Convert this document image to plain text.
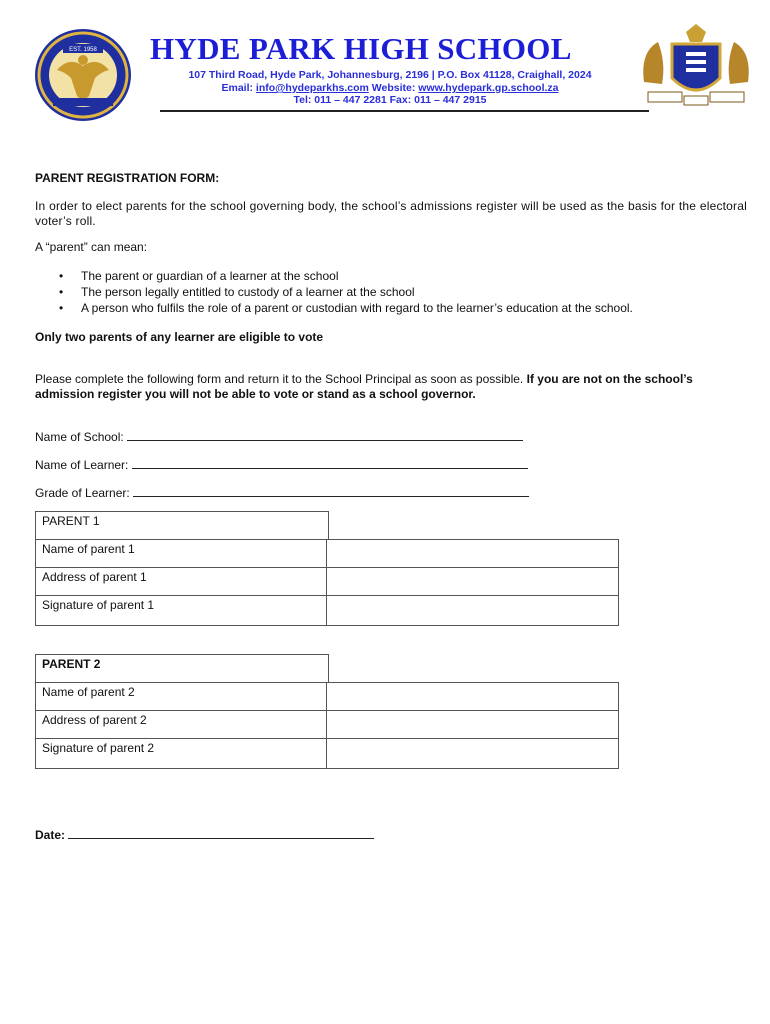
EST. 1958 HYDE PARK HIGH SCHOOL
107 Third Road, Hyde Park, Johannesburg, 2196 | P.O. Box 41128, Craighall, 2024
Email: info@hydeparkhs.com Website: www.hydepark.gp.school.za
Tel: 011 – 447 2281 Fax: 011 – 447 2915
PARENT REGISTRATION FORM:
In order to elect parents for the school governing body, the school’s admissions register will be used as the basis for the electoral voter’s roll.
A “parent” can mean:
• The parent or guardian of a learner at the school
• The person legally entitled to custody of a learner at the school
• A person who fulfils the role of a parent or custodian with regard to the learner’s education at the school.
Only two parents of any learner are eligible to vote
Please complete the following form and return it to the School Principal as soon as possible. If you are not on the school’s admission register you will not be able to vote or stand as a school governor.
Name of School:
Name of Learner:
Grade of Learner:
PARENT 1
Name of parent 1
Address of parent 1
Signature of parent 1
PARENT 2
Name of parent 2
Address of parent 2
Signature of parent 2
Date:
